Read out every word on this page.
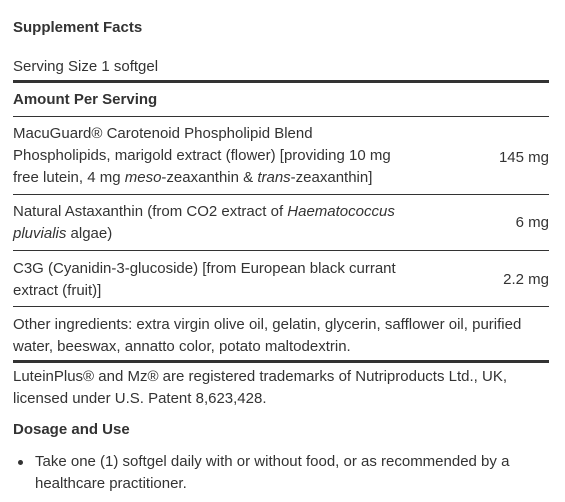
Supplement Facts
Serving Size 1 softgel
Amount Per Serving
MacuGuard® Carotenoid Phospholipid Blend
Phospholipids, marigold extract (flower) [providing 10 mg
free lutein, 4 mg meso-zeaxanthin & trans-zeaxanthin]
145 mg
Natural Astaxanthin (from CO2 extract of Haematococcus
pluvialis algae)
6 mg
C3G (Cyanidin-3-glucoside) [from European black currant
extract (fruit)]
2.2 mg
Other ingredients: extra virgin olive oil, gelatin, glycerin, safflower oil, purified
water, beeswax, annatto color, potato maltodextrin.
LuteinPlus® and Mz® are registered trademarks of Nutriproducts Ltd., UK,
licensed under U.S. Patent 8,623,428.
Dosage and Use
Take one (1) softgel daily with or without food, or as recommended by a
healthcare practitioner.
